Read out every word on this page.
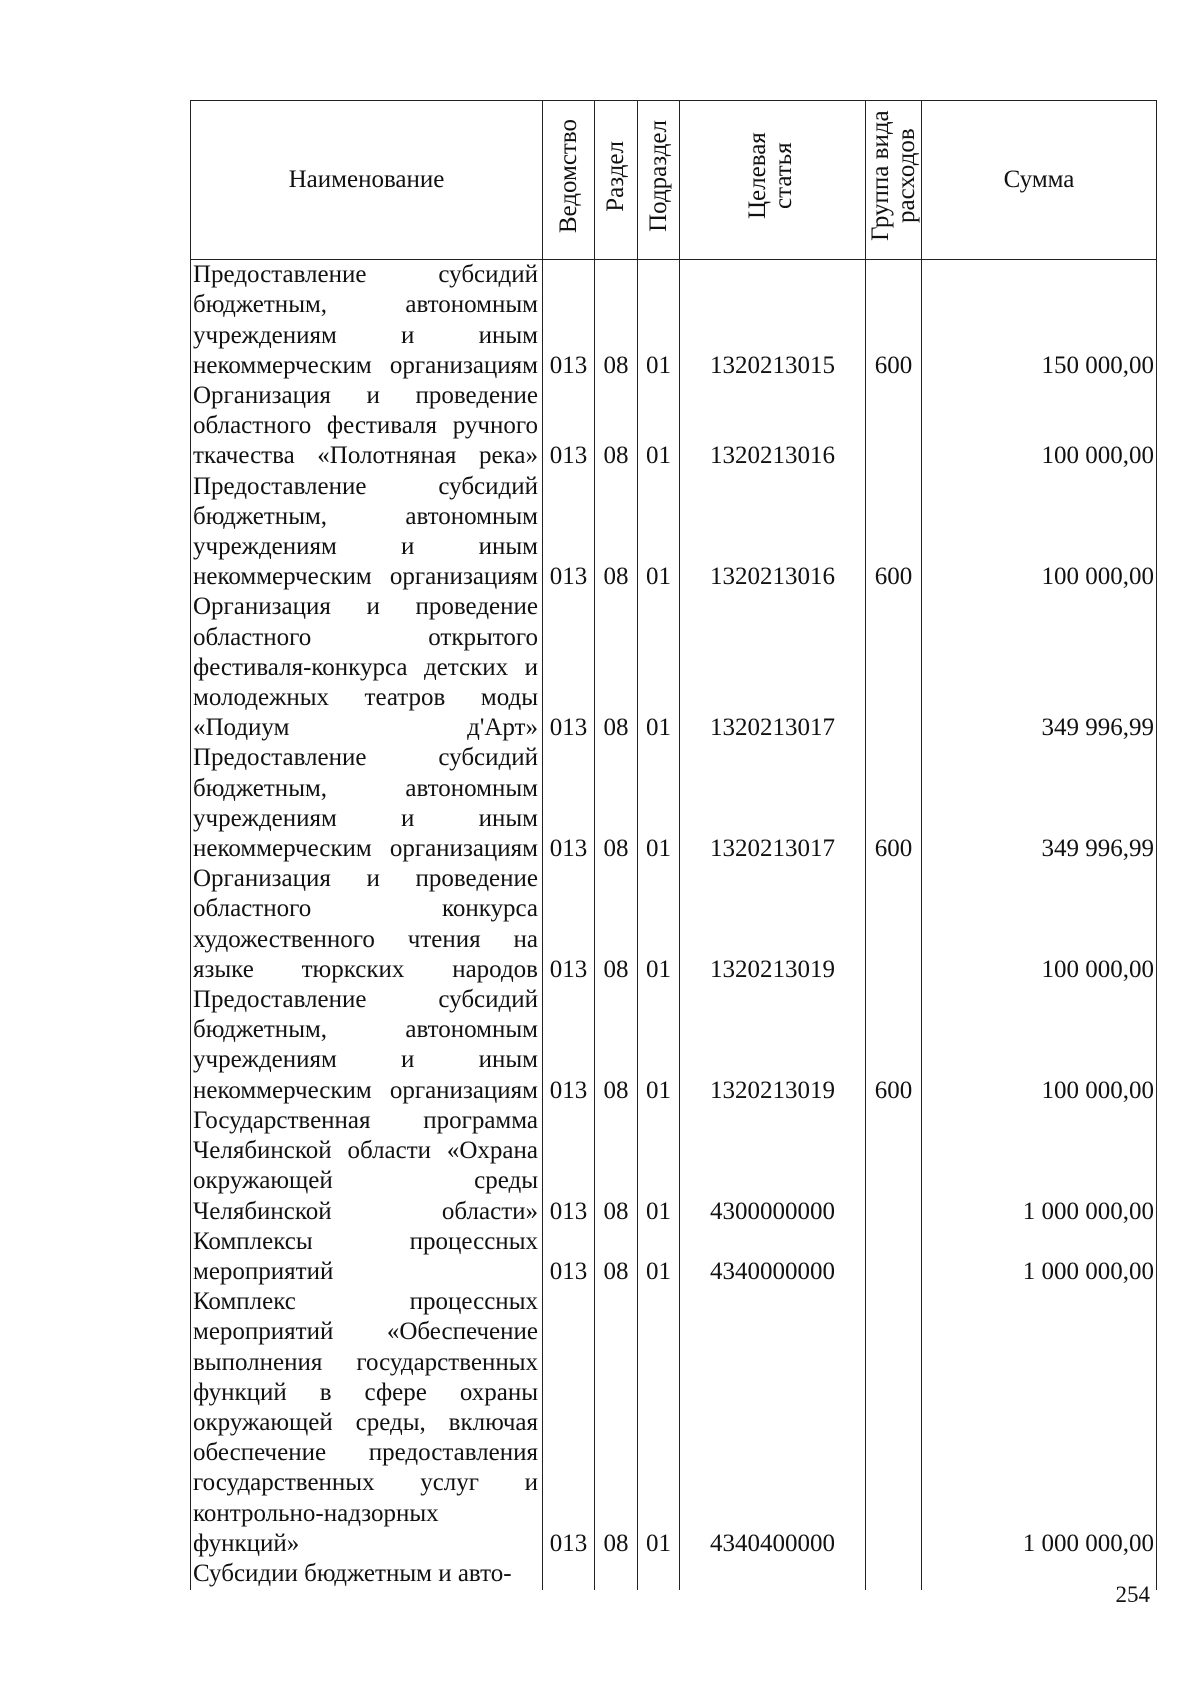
Наименование	Ведомство	Раздел	Подраздел	Целевая статья	Группа вида расходов	Сумма
Предоставление субсидий бюджетным, автономным учреждениям и иным некоммерческим организациям	013	08	01	1320213015	600	150 000,00
Организация и проведение областного фестиваля ручного ткачества «Полотняная река»	013	08	01	1320213016		100 000,00
Предоставление субсидий бюджетным, автономным учреждениям и иным некоммерческим организациям	013	08	01	1320213016	600	100 000,00
Организация и проведение областного открытого фестиваля-конкурса детских и молодежных театров моды «Подиум д'Арт»	013	08	01	1320213017		349 996,99
Предоставление субсидий бюджетным, автономным учреждениям и иным некоммерческим организациям	013	08	01	1320213017	600	349 996,99
Организация и проведение областного конкурса художественного чтения на языке тюркских народов	013	08	01	1320213019		100 000,00
Предоставление субсидий бюджетным, автономным учреждениям и иным некоммерческим организациям	013	08	01	1320213019	600	100 000,00
Государственная программа Челябинской области «Охрана окружающей среды Челябинской области»	013	08	01	4300000000		1 000 000,00
Комплексы процессных мероприятий	013	08	01	4340000000		1 000 000,00
Комплекс процессных мероприятий «Обеспечение выполнения государственных функций в сфере охраны окружающей среды, включая обеспечение предоставления государственных услуг и контрольно-надзорных функций»	013	08	01	4340400000		1 000 000,00
Субсидии бюджетным и авто-						
254
